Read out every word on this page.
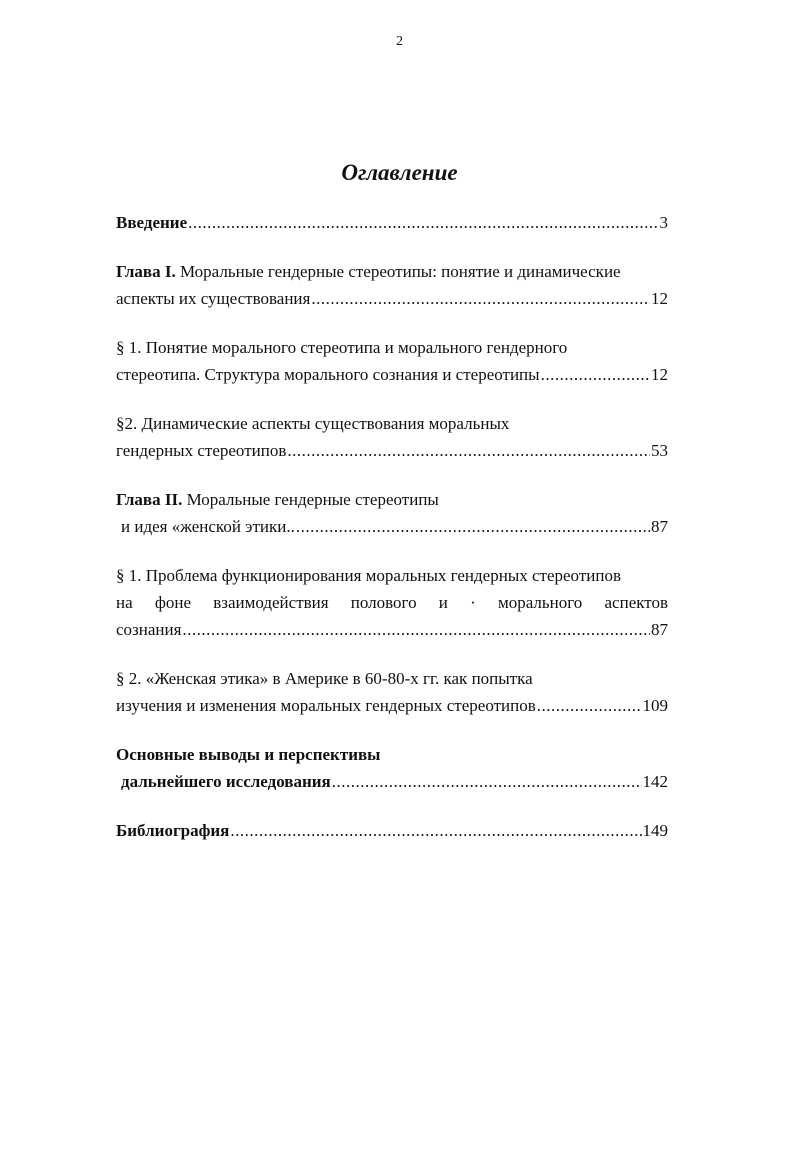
2
Оглавление
Введение .....	3
Глава I. Моральные гендерные стереотипы: понятие и динамические
аспекты их существования .....	12
§ 1. Понятие морального стереотипа и морального гендерного
стереотипа. Структура морального сознания и стереотипы .....	12
§2. Динамические аспекты существования моральных
гендерных стереотипов .....	53
Глава II. Моральные гендерные стереотипы
и идея «женской этики.. .....	87
§ 1. Проблема функционирования моральных гендерных стереотипов
на фоне взаимодействия полового и · морального аспектов
сознания .....	87
§ 2. «Женская этика» в Америке в 60-80-х гг. как попытка
изучения и изменения моральных гендерных стереотипов .....	109
Основные выводы и перспективы
дальнейшего исследования .....	142
Библиография .....	149
